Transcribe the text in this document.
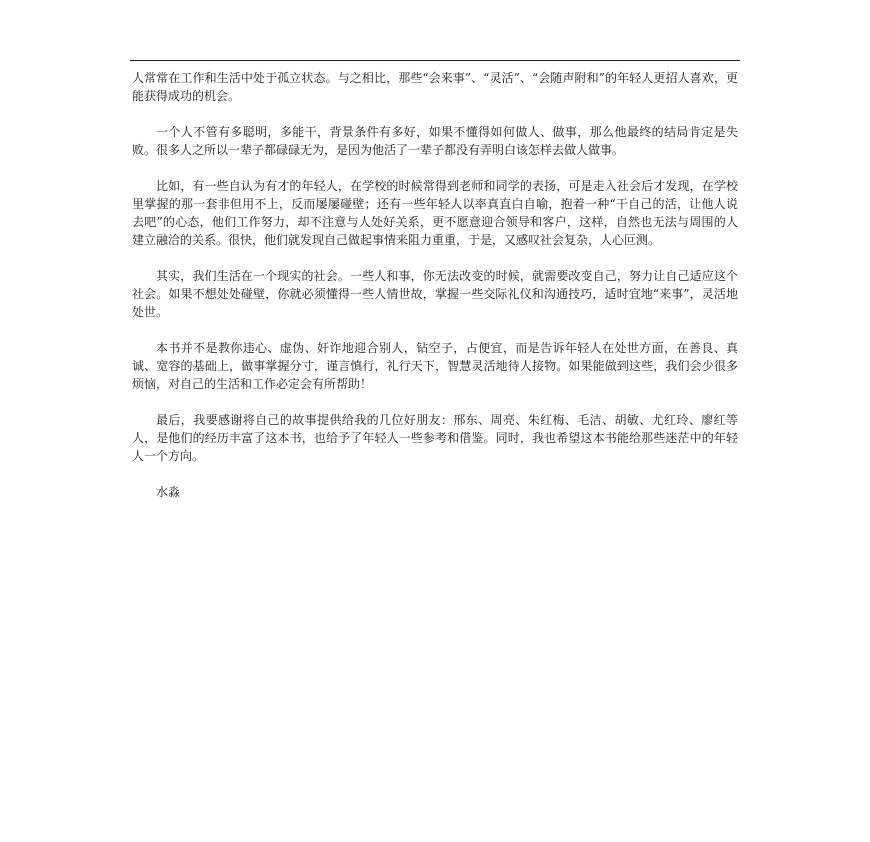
人常常在工作和生活中处于孤立状态。与之相比，那些“会来事”、“灵活”、“会随声附和”的年轻人更招人喜欢，更能获得成功的机会。

一个人不管有多聪明，多能干，背景条件有多好，如果不懂得如何做人、做事，那么他最终的结局肯定是失败。很多人之所以一辈子都碌碌无为，是因为他活了一辈子都没有弄明白该怎样去做人做事。

比如，有一些自认为有才的年轻人，在学校的时候常得到老师和同学的表扬，可是走入社会后才发现，在学校里掌握的那一套非但用不上，反而屡屡碰壁；还有一些年轻人以率真直白自喻，抱着一种“干自己的活，让他人说去吧”的心态，他们工作努力，却不注意与人处好关系，更不愿意迎合领导和客户，这样，自然也无法与周围的人建立融洽的关系。很快，他们就发现自己做起事情来阻力重重，于是，又感叹社会复杂，人心叵测。

其实，我们生活在一个现实的社会。一些人和事，你无法改变的时候，就需要改变自己，努力让自己适应这个社会。如果不想处处碰壁，你就必须懂得一些人情世故，掌握一些交际礼仪和沟通技巧，适时宜地“来事”，灵活地处世。

本书并不是教你违心、虚伪、奸诈地迎合别人，钻空子，占便宜，而是告诉年轻人在处世方面，在善良、真诚、宽容的基础上，做事掌握分寸，谨言慎行，礼行天下，智慧灵活地待人接物。如果能做到这些，我们会少很多烦恼，对自己的生活和工作必定会有所帮助！

最后，我要感谢将自己的故事提供给我的几位好朋友：邢东、周亮、朱红梅、毛洁、胡敏、尤红玲、廖红等人，是他们的经历丰富了这本书，也给予了年轻人一些参考和借鉴。同时，我也希望这本书能给那些迷茫中的年轻人一个方向。

水淼
